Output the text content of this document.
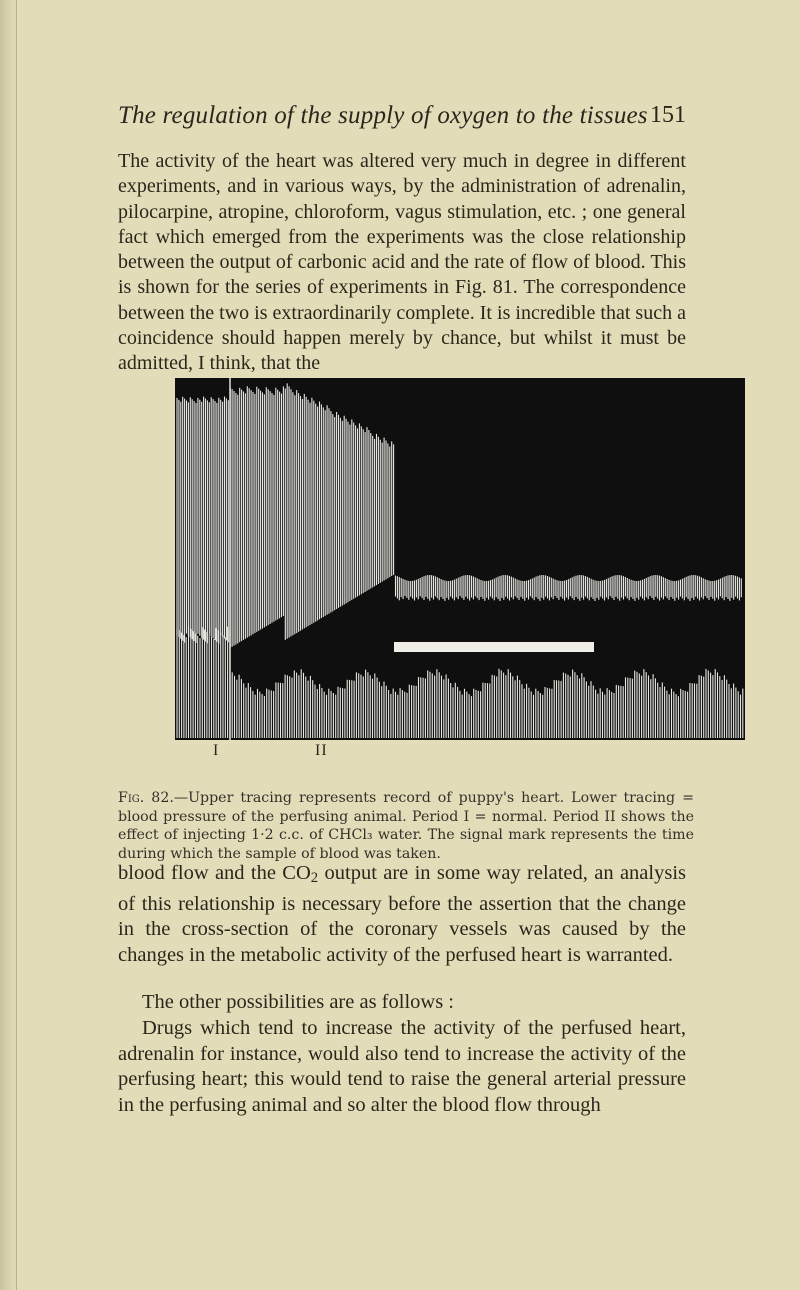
The regulation of the supply of oxygen to the tissues 151

The activity of the heart was altered very much in degree in different experiments, and in various ways, by the administration of adrenalin, pilocarpine, atropine, chloroform, vagus stimulation, etc. ; one general fact which emerged from the experiments was the close relationship between the output of carbonic acid and the rate of flow of blood. This is shown for the series of experiments in Fig. 81. The correspondence between the two is extraordinarily complete. It is incredible that such a coincidence should happen merely by chance, but whilst it must be admitted, I think, that the

I	II

Fig. 82.—Upper tracing represents record of puppy's heart. Lower tracing = blood pressure of the perfusing animal. Period I = normal. Period II shows the effect of injecting 1·2 c.c. of CHCl₃ water. The signal mark represents the time during which the sample of blood was taken.

blood flow and the $CO_2$ output are in some way related, an analysis of this relationship is necessary before the assertion that the change in the cross-section of the coronary vessels was caused by the changes in the metabolic activity of the perfused heart is warranted.

The other possibilities are as follows :

Drugs which tend to increase the activity of the perfused heart, adrenalin for instance, would also tend to increase the activity of the perfusing heart; this would tend to raise the general arterial pressure in the perfusing animal and so alter the blood flow through
